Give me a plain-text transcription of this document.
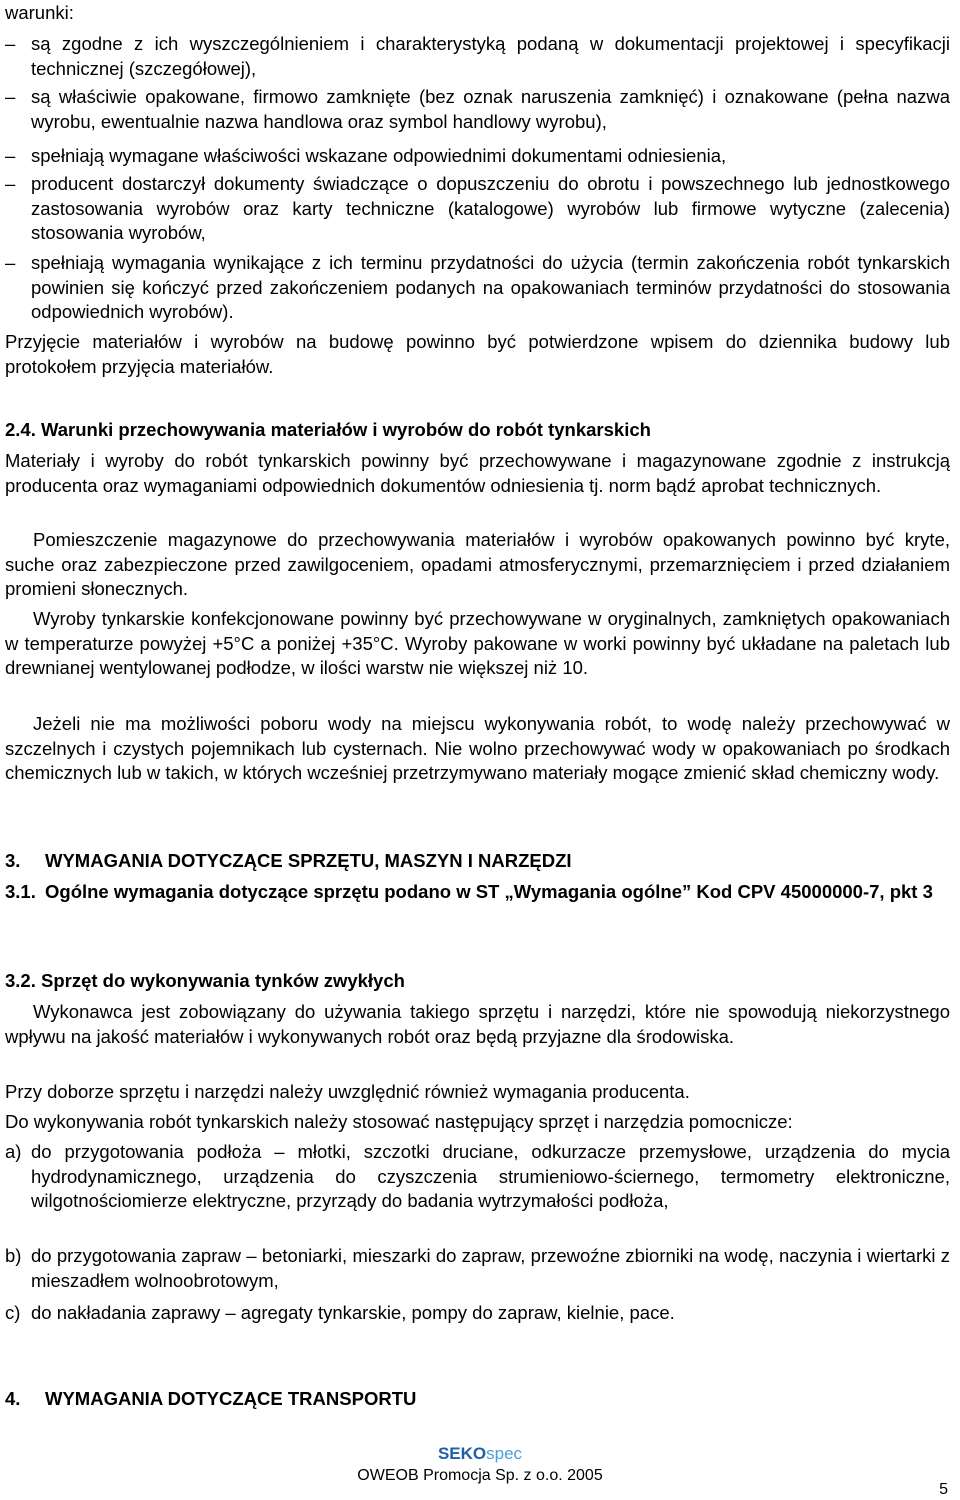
warunki:

– są zgodne z ich wyszczególnieniem i charakterystyką podaną w dokumentacji projektowej i specyfikacji technicznej (szczegółowej),
– są właściwie opakowane, firmowo zamknięte (bez oznak naruszenia zamknięć) i oznakowane (pełna nazwa wyrobu, ewentualnie nazwa handlowa oraz symbol handlowy wyrobu),
– spełniają wymagane właściwości wskazane odpowiednimi dokumentami odniesienia,
– producent dostarczył dokumenty świadczące o dopuszczeniu do obrotu i powszechnego lub jednostkowego zastosowania wyrobów oraz karty techniczne (katalogowe) wyrobów lub firmowe wytyczne (zalecenia) stosowania wyrobów,
– spełniają wymagania wynikające z ich terminu przydatności do użycia (termin zakończenia robót tynkarskich powinien się kończyć przed zakończeniem podanych na opakowaniach terminów przydatności do stosowania odpowiednich wyrobów).

Przyjęcie materiałów i wyrobów na budowę powinno być potwierdzone wpisem do dziennika budowy lub protokołem przyjęcia materiałów.

2.4. Warunki przechowywania materiałów i wyrobów do robót tynkarskich

Materiały i wyroby do robót tynkarskich powinny być przechowywane i magazynowane zgodnie z instrukcją producenta oraz wymaganiami odpowiednich dokumentów odniesienia tj. norm bądź aprobat technicznych.

Pomieszczenie magazynowe do przechowywania materiałów i wyrobów opakowanych powinno być kryte, suche oraz zabezpieczone przed zawilgoceniem, opadami atmosferycznymi, przemarznięciem i przed działaniem promieni słonecznych.

Wyroby tynkarskie konfekcjonowane powinny być przechowywane w oryginalnych, zamkniętych opakowaniach w temperaturze powyżej +5°C a poniżej +35°C. Wyroby pakowane w worki powinny być układane na paletach lub drewnianej wentylowanej podłodze, w ilości warstw nie większej niż 10.

Jeżeli nie ma możliwości poboru wody na miejscu wykonywania robót, to wodę należy przechowywać w szczelnych i czystych pojemnikach lub cysternach. Nie wolno przechowywać wody w opakowaniach po środkach chemicznych lub w takich, w których wcześniej przetrzymywano materiały mogące zmienić skład chemiczny wody.

3. WYMAGANIA DOTYCZĄCE SPRZĘTU, MASZYN I NARZĘDZI

3.1. Ogólne wymagania dotyczące sprzętu podano w ST „Wymagania ogólne” Kod CPV 45000000-7, pkt 3

3.2. Sprzęt do wykonywania tynków zwykłych

Wykonawca jest zobowiązany do używania takiego sprzętu i narzędzi, które nie spowodują niekorzystnego wpływu na jakość materiałów i wykonywanych robót oraz będą przyjazne dla środowiska.

Przy doborze sprzętu i narzędzi należy uwzględnić również wymagania producenta.

Do wykonywania robót tynkarskich należy stosować następujący sprzęt i narzędzia pomocnicze:

a) do przygotowania podłoża – młotki, szczotki druciane, odkurzacze przemysłowe, urządzenia do mycia hydrodynamicznego, urządzenia do czyszczenia strumieniowo-ściernego, termometry elektroniczne, wilgotnościomierze elektryczne, przyrządy do badania wytrzymałości podłoża,
b) do przygotowania zapraw – betoniarki, mieszarki do zapraw, przewoźne zbiorniki na wodę, naczynia i wiertarki z mieszadłem wolnoobrotowym,
c) do nakładania zaprawy – agregaty tynkarskie, pompy do zapraw, kielnie, pace.
4. WYMAGANIA DOTYCZĄCE TRANSPORTU

SEKOspec
OWEOB Promocja Sp. z o.o. 2005
5
